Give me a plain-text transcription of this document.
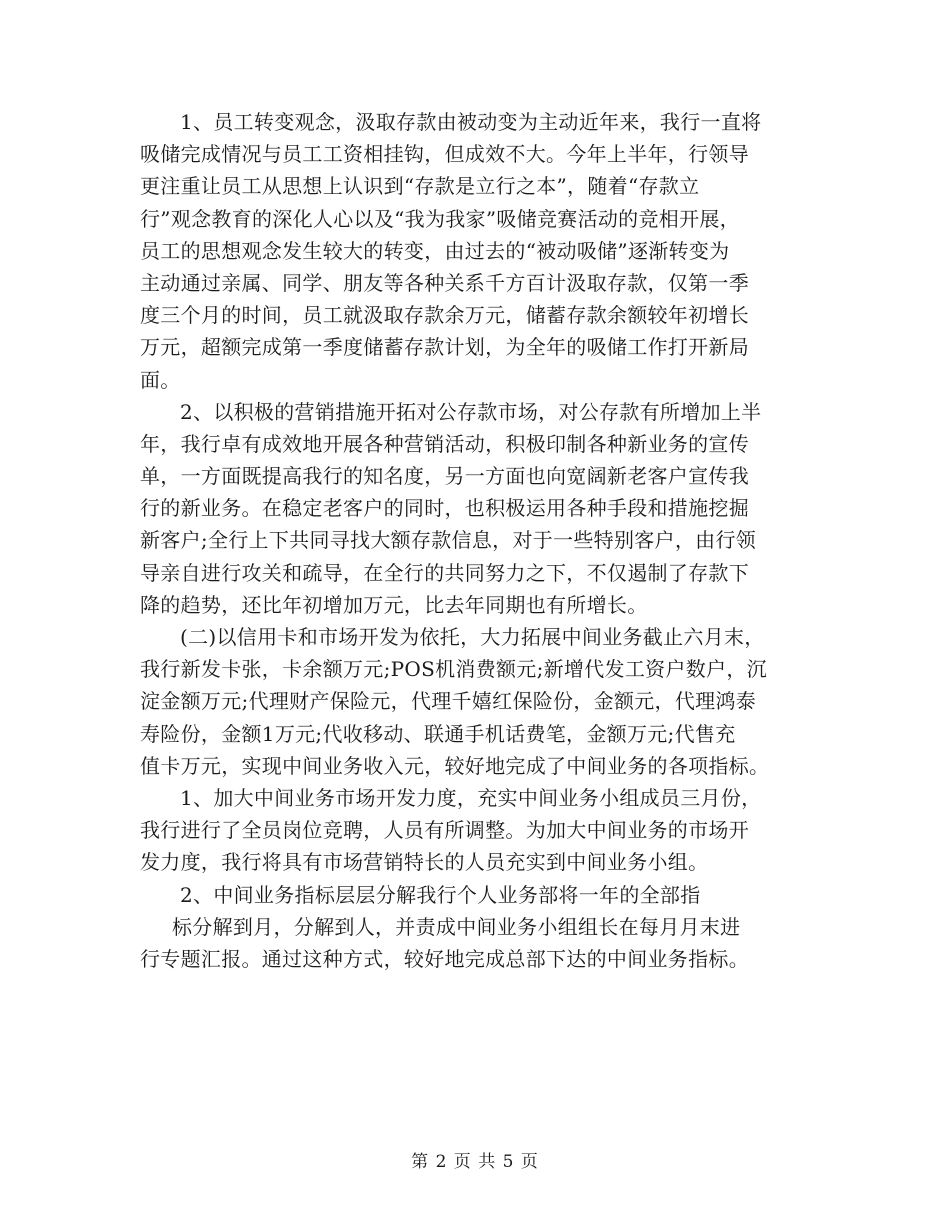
1、员工转变观念，汲取存款由被动变为主动近年来，我行一直将
吸储完成情况与员工工资相挂钩，但成效不大。今年上半年，行领导
更注重让员工从思想上认识到“存款是立行之本”，随着“存款立
行”观念教育的深化人心以及“我为我家”吸储竞赛活动的竞相开展，
员工的思想观念发生较大的转变，由过去的“被动吸储”逐渐转变为
主动通过亲属、同学、朋友等各种关系千方百计汲取存款，仅第一季
度三个月的时间，员工就汲取存款余万元，储蓄存款余额较年初增长
万元，超额完成第一季度储蓄存款计划，为全年的吸储工作打开新局
面。
2、以积极的营销措施开拓对公存款市场，对公存款有所增加上半
年，我行卓有成效地开展各种营销活动，积极印制各种新业务的宣传
单，一方面既提高我行的知名度，另一方面也向宽阔新老客户宣传我
行的新业务。在稳定老客户的同时，也积极运用各种手段和措施挖掘
新客户;全行上下共同寻找大额存款信息，对于一些特别客户，由行领
导亲自进行攻关和疏导，在全行的共同努力之下，不仅遏制了存款下
降的趋势，还比年初增加万元，比去年同期也有所增长。
(二)以信用卡和市场开发为依托，大力拓展中间业务截止六月末，
我行新发卡张，卡余额万元;POS机消费额元;新增代发工资户数户，沉
淀金额万元;代理财产保险元，代理千嬉红保险份，金额元，代理鸿泰
寿险份，金额1万元;代收移动、联通手机话费笔，金额万元;代售充
值卡万元，实现中间业务收入元，较好地完成了中间业务的各项指标。
1、加大中间业务市场开发力度，充实中间业务小组成员三月份，
我行进行了全员岗位竞聘，人员有所调整。为加大中间业务的市场开
发力度，我行将具有市场营销特长的人员充实到中间业务小组。
2、中间业务指标层层分解我行个人业务部将一年的全部指
标分解到月，分解到人，并责成中间业务小组组长在每月月末进
行专题汇报。通过这种方式，较好地完成总部下达的中间业务指标。
第 2 页 共 5 页
